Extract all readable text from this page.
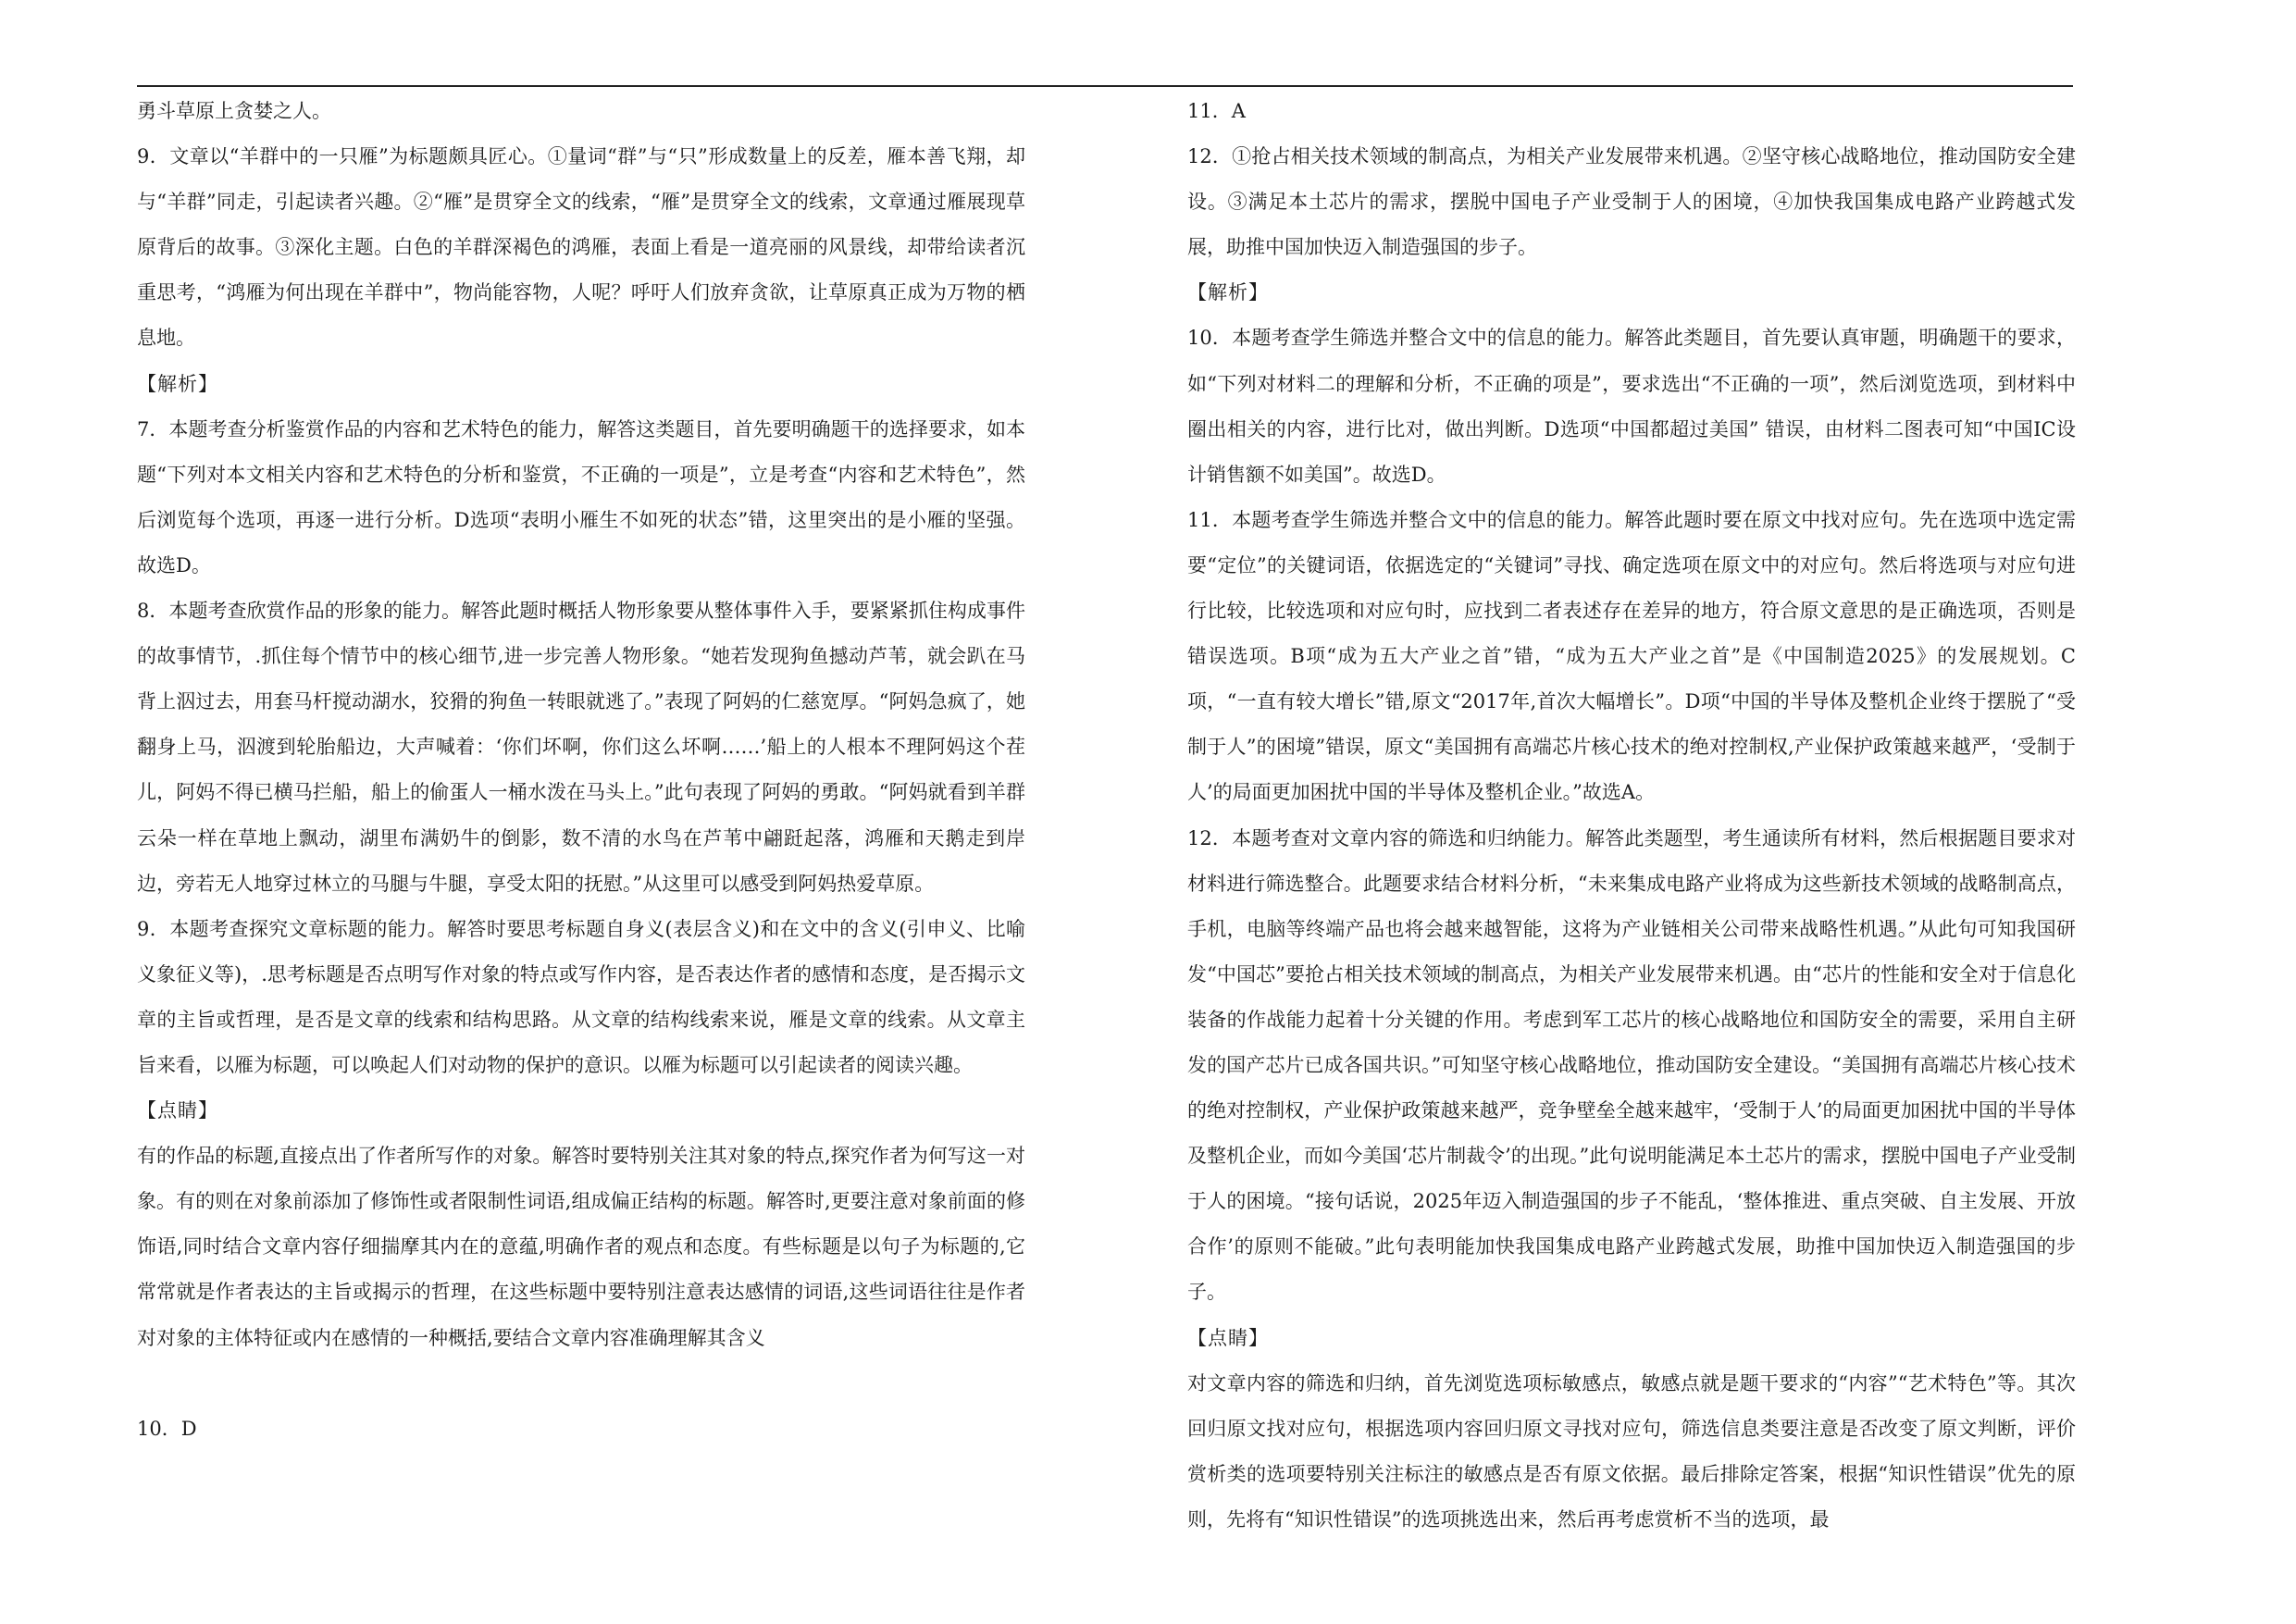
勇斗草原上贪婪之人。

9．文章以“羊群中的一只雁”为标题颇具匠心。①量词“群”与“只”形成数量上的反差，雁本善飞翔，却与“羊群”同走，引起读者兴趣。②“雁”是贯穿全文的线索，“雁”是贯穿全文的线索，文章通过雁展现草原背后的故事。③深化主题。白色的羊群深褐色的鸿雁，表面上看是一道亮丽的风景线，却带给读者沉重思考，“鸿雁为何出现在羊群中”，物尚能容物，人呢？呼吁人们放弃贪欲，让草原真正成为万物的栖息地。

【解析】

7．本题考查分析鉴赏作品的内容和艺术特色的能力，解答这类题目，首先要明确题干的选择要求，如本题“下列对本文相关内容和艺术特色的分析和鉴赏，不正确的一项是”，立是考查“内容和艺术特色”，然后浏览每个选项，再逐一进行分析。D选项“表明小雁生不如死的状态”错，这里突出的是小雁的坚强。故选D。

8．本题考查欣赏作品的形象的能力。解答此题时概括人物形象要从整体事件入手，要紧紧抓住构成事件的故事情节，.抓住每个情节中的核心细节,进一步完善人物形象。“她若发现狗鱼撼动芦苇，就会趴在马背上泅过去，用套马杆搅动湖水，狡猾的狗鱼一转眼就逃了。”表现了阿妈的仁慈宽厚。“阿妈急疯了，她翻身上马，泅渡到轮胎船边，大声喊着：‘你们坏啊，你们这么坏啊……’船上的人根本不理阿妈这个茬儿，阿妈不得已横马拦船，船上的偷蛋人一桶水泼在马头上。”此句表现了阿妈的勇敢。“阿妈就看到羊群云朵一样在草地上飘动，湖里布满奶牛的倒影，数不清的水鸟在芦苇中翩跹起落，鸿雁和天鹅走到岸边，旁若无人地穿过林立的马腿与牛腿，享受太阳的抚慰。”从这里可以感受到阿妈热爱草原。

9．本题考查探究文章标题的能力。解答时要思考标题自身义(表层含义)和在文中的含义(引申义、比喻义象征义等)，.思考标题是否点明写作对象的特点或写作内容，是否表达作者的感情和态度，是否揭示文章的主旨或哲理，是否是文章的线索和结构思路。从文章的结构线索来说，雁是文章的线索。从文章主旨来看，以雁为标题，可以唤起人们对动物的保护的意识。以雁为标题可以引起读者的阅读兴趣。

【点睛】

有的作品的标题,直接点出了作者所写作的对象。解答时要特别关注其对象的特点,探究作者为何写这一对象。有的则在对象前添加了修饰性或者限制性词语,组成偏正结构的标题。解答时,更要注意对象前面的修饰语,同时结合文章内容仔细揣摩其内在的意蕴,明确作者的观点和态度。有些标题是以句子为标题的,它常常就是作者表达的主旨或揭示的哲理，在这些标题中要特别注意表达感情的词语,这些词语往往是作者对对象的主体特征或内在感情的一种概括,要结合文章内容准确理解其含义

10．D

11．A

12．①抢占相关技术领域的制高点，为相关产业发展带来机遇。②坚守核心战略地位，推动国防安全建设。③满足本土芯片的需求，摆脱中国电子产业受制于人的困境，④加快我国集成电路产业跨越式发展，助推中国加快迈入制造强国的步子。

【解析】

10．本题考查学生筛选并整合文中的信息的能力。解答此类题目，首先要认真审题，明确题干的要求，如“下列对材料二的理解和分析，不正确的项是”，要求选出“不正确的一项”，然后浏览选项，到材料中圈出相关的内容，进行比对，做出判断。D选项“中国都超过美国” 错误，由材料二图表可知“中国IC设计销售额不如美国”。故选D。

11．本题考查学生筛选并整合文中的信息的能力。解答此题时要在原文中找对应句。先在选项中选定需要“定位”的关键词语，依据选定的“关键词”寻找、确定选项在原文中的对应句。然后将选项与对应句进行比较，比较选项和对应句时，应找到二者表述存在差异的地方，符合原文意思的是正确选项，否则是错误选项。B项“成为五大产业之首”错，“成为五大产业之首”是《中国制造2025》的发展规划。C项，“一直有较大增长”错,原文“2017年,首次大幅增长”。D项“中国的半导体及整机企业终于摆脱了“受制于人”的困境”错误，原文“美国拥有高端芯片核心技术的绝对控制权,产业保护政策越来越严，‘受制于人’的局面更加困扰中国的半导体及整机企业。”故选A。

12．本题考查对文章内容的筛选和归纳能力。解答此类题型，考生通读所有材料，然后根据题目要求对材料进行筛选整合。此题要求结合材料分析，“未来集成电路产业将成为这些新技术领域的战略制高点，手机，电脑等终端产品也将会越来越智能，这将为产业链相关公司带来战略性机遇。”从此句可知我国研发“中国芯”要抢占相关技术领域的制高点，为相关产业发展带来机遇。由“芯片的性能和安全对于信息化装备的作战能力起着十分关键的作用。考虑到军工芯片的核心战略地位和国防安全的需要，采用自主研发的国产芯片已成各国共识。”可知坚守核心战略地位，推动国防安全建设。“美国拥有高端芯片核心技术的绝对控制权，产业保护政策越来越严，竞争壁垒全越来越牢，‘受制于人’的局面更加困扰中国的半导体及整机企业，而如今美国‘芯片制裁令’的出现。”此句说明能满足本土芯片的需求，摆脱中国电子产业受制于人的困境。“接句话说，2025年迈入制造强国的步子不能乱，‘整体推进、重点突破、自主发展、开放合作’的原则不能破。”此句表明能加快我国集成电路产业跨越式发展，助推中国加快迈入制造强国的步子。

【点睛】

对文章内容的筛选和归纳，首先浏览选项标敏感点，敏感点就是题干要求的“内容”“艺术特色”等。其次回归原文找对应句，根据选项内容回归原文寻找对应句，筛选信息类要注意是否改变了原文判断，评价赏析类的选项要特别关注标注的敏感点是否有原文依据。最后排除定答案，根据“知识性错误”优先的原则，先将有“知识性错误”的选项挑选出来，然后再考虑赏析不当的选项，最
